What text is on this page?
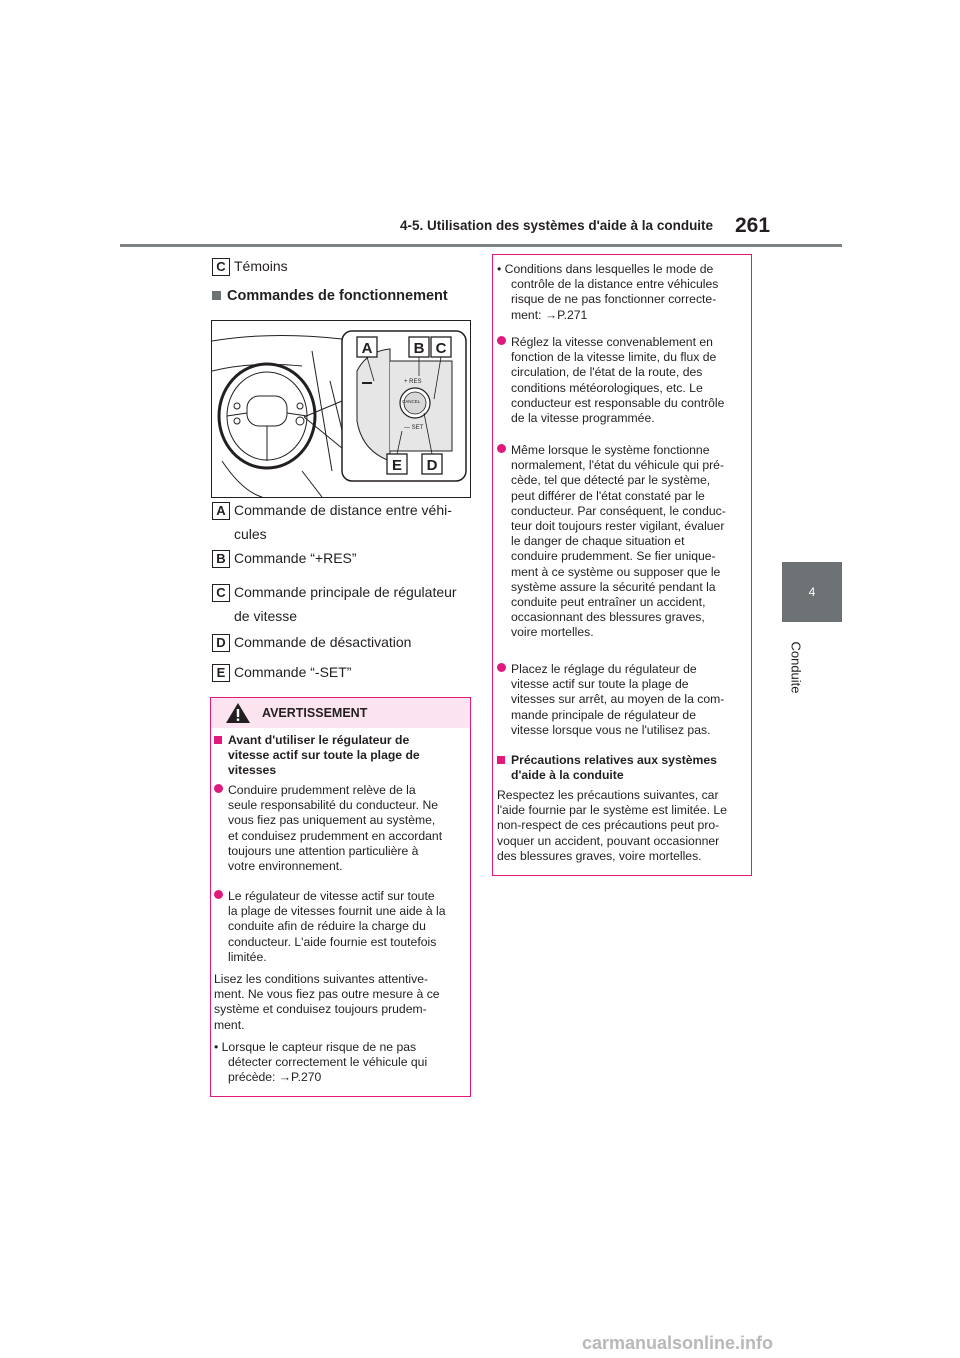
4-5. Utilisation des systèmes d'aide à la conduite 261
4
Conduite
C Témoins
Commandes de fonctionnement
+ RES
CANCEL
— SET
A	B C
E D
A Commande de distance entre véhi-
cules
B Commande “+RES”
C Commande principale de régulateur
de vitesse
D Commande de désactivation
E Commande “-SET”
AVERTISSEMENT
Avant d'utiliser le régulateur de
vitesse actif sur toute la plage de
vitesses
Conduire prudemment relève de la
seule responsabilité du conducteur. Ne
vous fiez pas uniquement au système,
et conduisez prudemment en accordant
toujours une attention particulière à
votre environnement.
Le régulateur de vitesse actif sur toute
la plage de vitesses fournit une aide à la
conduite afin de réduire la charge du
conducteur. L'aide fournie est toutefois
limitée.
Lisez les conditions suivantes attentive-
ment. Ne vous fiez pas outre mesure à ce
système et conduisez toujours prudem-
ment.
• Lorsque le capteur risque de ne pas
détecter correctement le véhicule qui
précède: →P.270
• Conditions dans lesquelles le mode de
contrôle de la distance entre véhicules
risque de ne pas fonctionner correcte-
ment: →P.271
Réglez la vitesse convenablement en
fonction de la vitesse limite, du flux de
circulation, de l'état de la route, des
conditions météorologiques, etc. Le
conducteur est responsable du contrôle
de la vitesse programmée.
Même lorsque le système fonctionne
normalement, l'état du véhicule qui pré-
cède, tel que détecté par le système,
peut différer de l'état constaté par le
conducteur. Par conséquent, le conduc-
teur doit toujours rester vigilant, évaluer
le danger de chaque situation et
conduire prudemment. Se fier unique-
ment à ce système ou supposer que le
système assure la sécurité pendant la
conduite peut entraîner un accident,
occasionnant des blessures graves,
voire mortelles.
Placez le réglage du régulateur de
vitesse actif sur toute la plage de
vitesses sur arrêt, au moyen de la com-
mande principale de régulateur de
vitesse lorsque vous ne l'utilisez pas.
Précautions relatives aux systèmes
d'aide à la conduite
Respectez les précautions suivantes, car
l'aide fournie par le système est limitée. Le
non-respect de ces précautions peut pro-
voquer un accident, pouvant occasionner
des blessures graves, voire mortelles.
carmanualsonline.info
